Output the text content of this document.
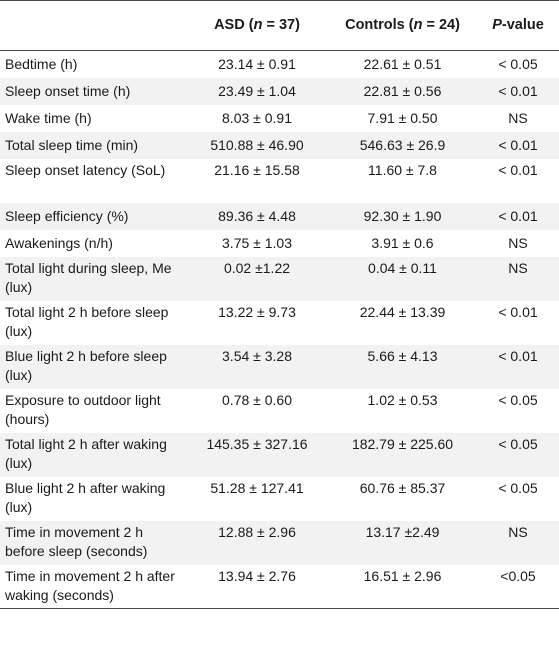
	ASD (n = 37)	Controls (n = 24)	P-value
Bedtime (h)	23.14 ± 0.91	22.61 ± 0.51	< 0.05
Sleep onset time (h)	23.49 ± 1.04	22.81 ± 0.56	< 0.01
Wake time (h)	8.03 ± 0.91	7.91 ± 0.50	NS
Total sleep time (min)	510.88 ± 46.90	546.63 ± 26.9	< 0.01
Sleep onset latency (SoL)	21.16 ± 15.58	11.60 ± 7.8	< 0.01
Sleep efficiency (%)	89.36 ± 4.48	92.30 ± 1.90	< 0.01
Awakenings (n/h)	3.75 ± 1.03	3.91 ± 0.6	NS
Total light during sleep, Me (lux)	0.02 ±1.22	0.04 ± 0.11	NS
Total light 2 h before sleep (lux)	13.22 ± 9.73	22.44 ± 13.39	< 0.01
Blue light 2 h before sleep (lux)	3.54 ± 3.28	5.66 ± 4.13	< 0.01
Exposure to outdoor light (hours)	0.78 ± 0.60	1.02 ± 0.53	< 0.05
Total light 2 h after waking (lux)	145.35 ± 327.16	182.79 ± 225.60	< 0.05
Blue light 2 h after waking (lux)	51.28 ± 127.41	60.76 ± 85.37	< 0.05
Time in movement 2 h before sleep (seconds)	12.88 ± 2.96	13.17 ±2.49	NS
Time in movement 2 h after waking (seconds)	13.94 ± 2.76	16.51 ± 2.96	<0.05
